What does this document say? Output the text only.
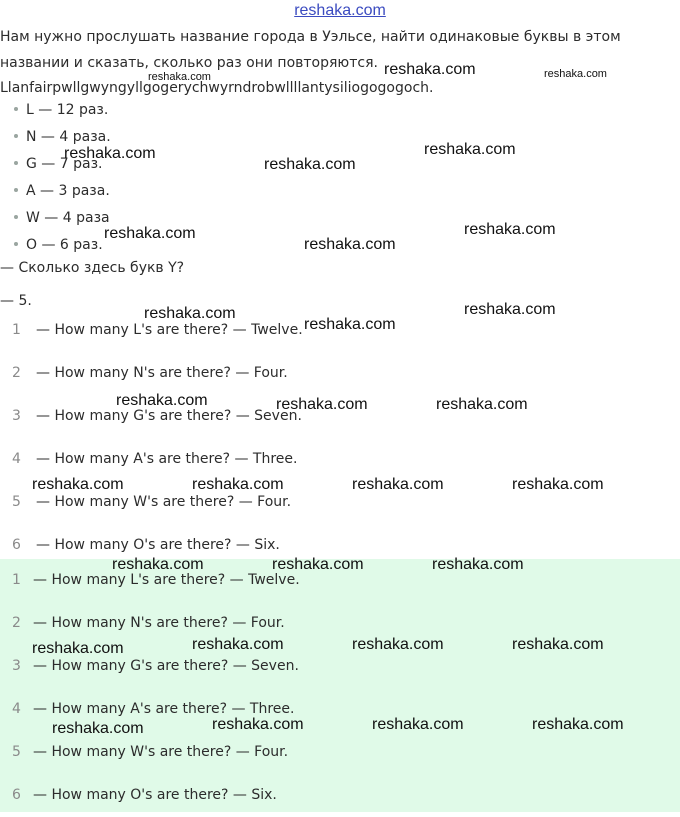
reshaka.com
Нам нужно прослушать название города в Уэльсе, найти одинаковые буквы в этом названии и сказать, сколько раз они повторяются.
Llanfairpwllgwyngyllgogerychwyrndrobwllllantysiliogogogoch.
L — 12 раз.
N — 4 раза.
G — 7 раз.
A — 3 раза.
W — 4 раза
O — 6 раз.
— Сколько здесь букв Y?
— 5.
1 — How many L's are there? — Twelve.
2 — How many N's are there? — Four.
3 — How many G's are there? — Seven.
4 — How many A's are there? — Three.
5 — How many W's are there? — Four.
6 — How many O's are there? — Six.
1 — How many L's are there? — Twelve.
2 — How many N's are there? — Four.
3 — How many G's are there? — Seven.
4 — How many A's are there? — Three.
5 — How many W's are there? — Four.
6 — How many O's are there? — Six.
reshaka.com	reshaka.com	reshaka.com
reshaka.com
reshaka.com
reshaka.com
reshaka.com
reshaka.com
reshaka.com
reshaka.com
reshaka.com
reshaka.com
reshaka.com	reshaka.com	reshaka.com
reshaka.com	reshaka.com	reshaka.com	reshaka.com
reshaka.com	reshaka.com	reshaka.com
reshaka.com	reshaka.com	reshaka.com	reshaka.com
reshaka.com	reshaka.com	reshaka.com	reshaka.com
